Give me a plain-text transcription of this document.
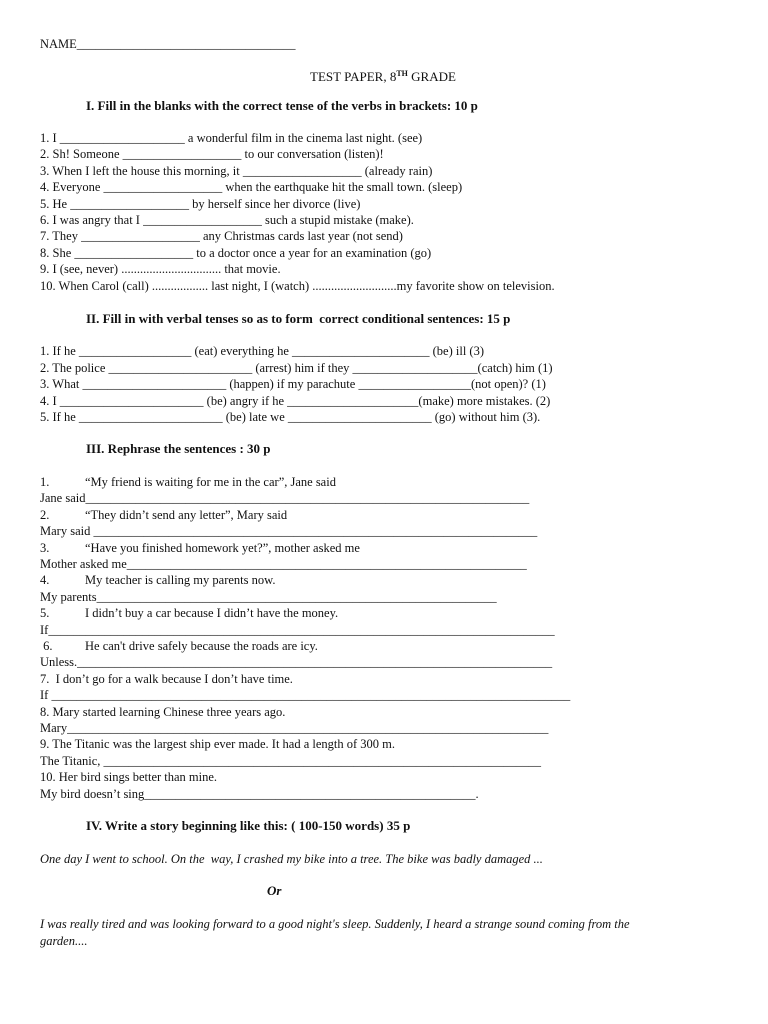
NAME___________________________________
TEST PAPER, 8TH GRADE
I. Fill in the blanks with the correct tense of the verbs in brackets: 10 p
1. I ____________________ a wonderful film in the cinema last night. (see)
2. Sh! Someone ___________________ to our conversation (listen)!
3. When I left the house this morning, it ___________________ (already rain)
4. Everyone ___________________ when the earthquake hit the small town. (sleep)
5. He ___________________ by herself since her divorce (live)
6. I was angry that I ___________________ such a stupid mistake (make).
7. They ___________________ any Christmas cards last year (not send)
8. She ___________________ to a doctor once a year for an examination (go)
9. I (see, never) ................................ that movie.
10. When Carol (call) .................. last night, I (watch) ...........................my favorite show on television.
II. Fill in with verbal tenses so as to form  correct conditional sentences: 15 p
1. If he __________________ (eat) everything he ______________________ (be) ill (3)
2. The police _______________________ (arrest) him if they ____________________(catch) him (1)
3. What _______________________ (happen) if my parachute __________________(not open)? (1)
4. I _______________________ (be) angry if he _____________________(make) more mistakes. (2)
5. If he _______________________ (be) late we _______________________ (go) without him (3).
III. Rephrase the sentences : 30 p
1.	“My friend is waiting for me in the car”, Jane said
Jane said_______________________________________________________________________
2.	“They didn’t send any letter”, Mary said
Mary said _______________________________________________________________________
3.	“Have you finished homework yet?”, mother asked me
Mother asked me________________________________________________________________
4.	My teacher is calling my parents now.
My parents________________________________________________________________
5.	I didn’t buy a car because I didn’t have the money.
If_________________________________________________________________________________
6.	He can't drive safely because the roads are icy.
Unless.____________________________________________________________________________
7.  I don’t go for a walk because I don’t have time.
If ___________________________________________________________________________________
8. Mary started learning Chinese three years ago.
Mary_____________________________________________________________________________
9. The Titanic was the largest ship ever made. It had a length of 300 m.
The Titanic, ______________________________________________________________________
10. Her bird sings better than mine.
My bird doesn’t sing_____________________________________________________.
IV. Write a story beginning like this: ( 100-150 words) 35 p
One day I went to school. On the  way, I crashed my bike into a tree. The bike was badly damaged ...
Or
I was really tired and was looking forward to a good night's sleep. Suddenly, I heard a strange sound coming from the
garden....
